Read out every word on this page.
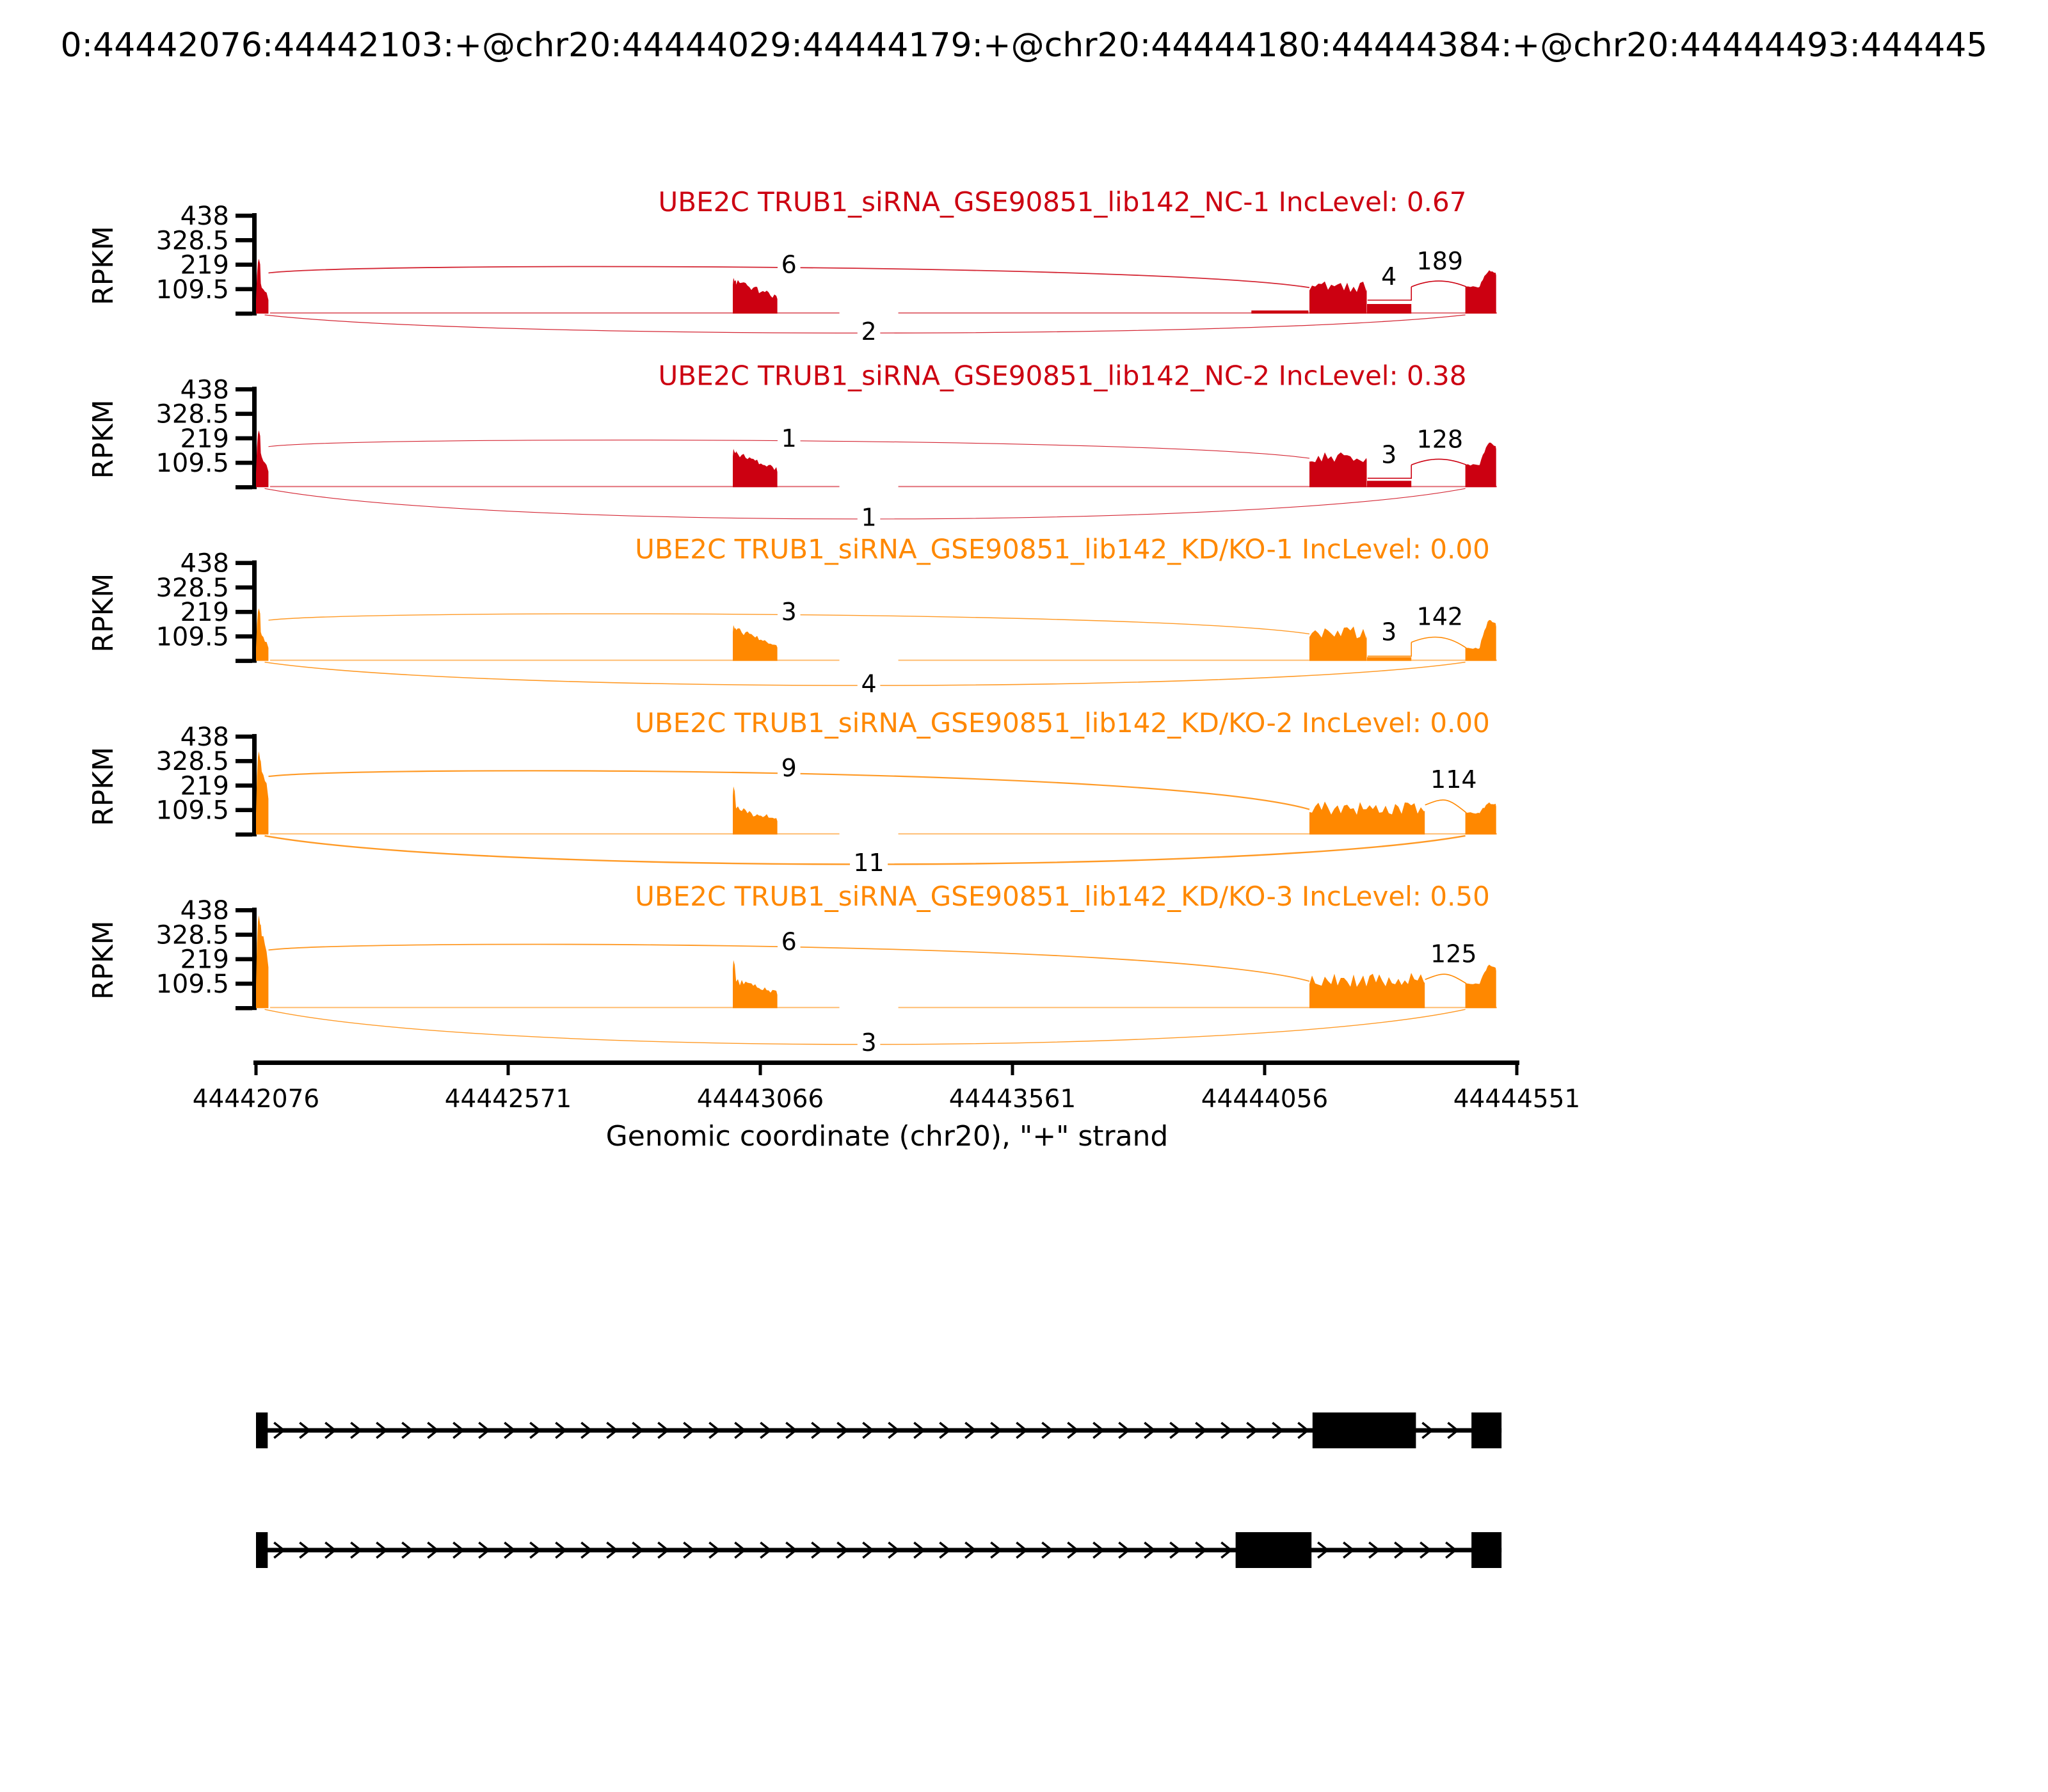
0:44442076:44442103:+@chr20:44444029:44444179:+@chr20:44444180:44444384:+@chr20:44444493:444445
UBE2C TRUB1_siRNA_GSE90851_lib142_NC-1 IncLevel: 0.67
438
328.5
219
109.5
RPKM	6
2
4
189
UBE2C TRUB1_siRNA_GSE90851_lib142_NC-2 IncLevel: 0.38
438
328.5
219
109.5
RPKM	1
1
3
128
UBE2C TRUB1_siRNA_GSE90851_lib142_KD/KO-1 IncLevel: 0.00
438
328.5
219
109.5
RPKM	3
4
3
142
UBE2C TRUB1_siRNA_GSE90851_lib142_KD/KO-2 IncLevel: 0.00
438
328.5
219
109.5
RPKM	9
11
114
UBE2C TRUB1_siRNA_GSE90851_lib142_KD/KO-3 IncLevel: 0.50
438
328.5
219
109.5
RPKM	6
3
125
44442076	44442571	44443066	44443561	44444056	44444551
Genomic coordinate (chr20), "+" strand
